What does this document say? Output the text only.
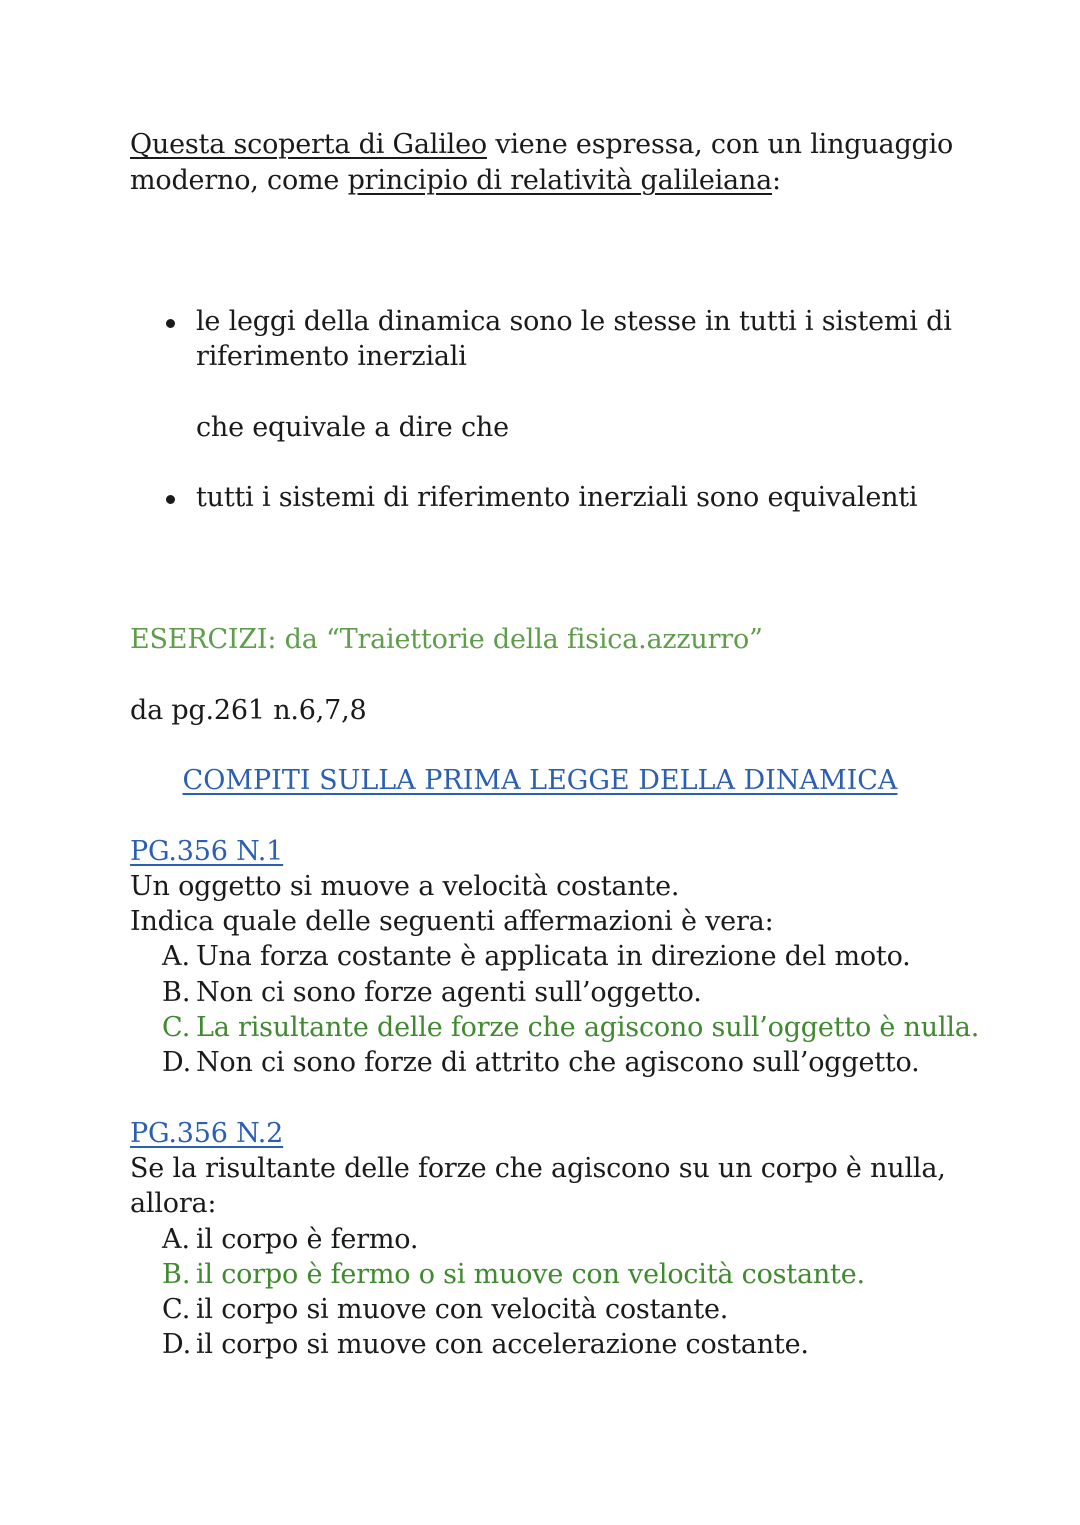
Questa scoperta di Galileo viene espressa, con un linguaggio
moderno, come principio di relatività galileiana:
le leggi della dinamica sono le stesse in tutti i sistemi di
riferimento inerziali
che equivale a dire che
tutti i sistemi di riferimento inerziali sono equivalenti
ESERCIZI: da “Traiettorie della fisica.azzurro”
da pg.261 n.6,7,8
COMPITI SULLA PRIMA LEGGE DELLA DINAMICA
PG.356 N.1
Un oggetto si muove a velocità costante.
Indica quale delle seguenti affermazioni è vera:
A. Una forza costante è applicata in direzione del moto.
B. Non ci sono forze agenti sull’oggetto.
C. La risultante delle forze che agiscono sull’oggetto è nulla.
D. Non ci sono forze di attrito che agiscono sull’oggetto.
PG.356 N.2
Se la risultante delle forze che agiscono su un corpo è nulla,
allora:
A. il corpo è fermo.
B. il corpo è fermo o si muove con velocità costante.
C. il corpo si muove con velocità costante.
D. il corpo si muove con accelerazione costante.
